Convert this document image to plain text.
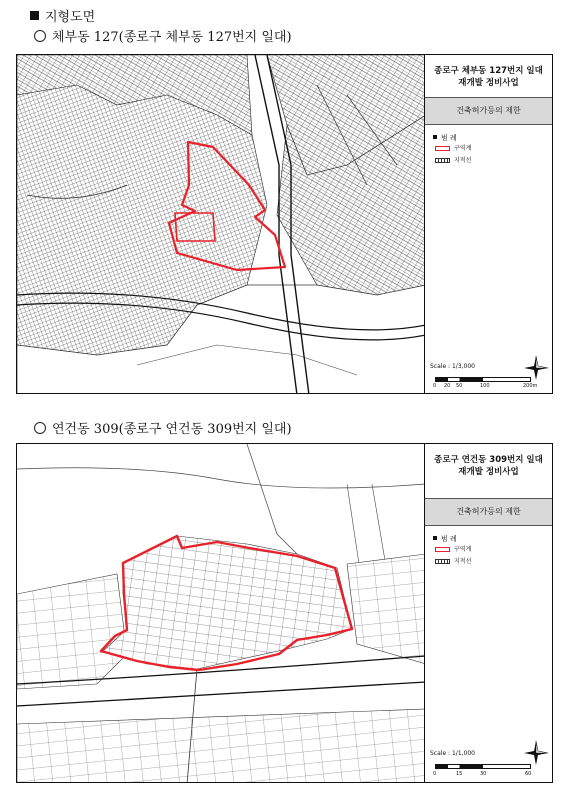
지형도면
체부동 127(종로구 체부동 127번지 일대)
종로구 체부동 127번지 일대
재개발 정비사업
건축허가등의 제한
범 례
구역계
지적선
Scale : 1/3,000
0 20 50	100	200m
연건동 309(종로구 연건동 309번지 일대)
종로구 연건동 309번지 일대
재개발 정비사업
건축허가등의 제한
범 례
구역계
지적선
Scale : 1/1,000
0	15	30	60
